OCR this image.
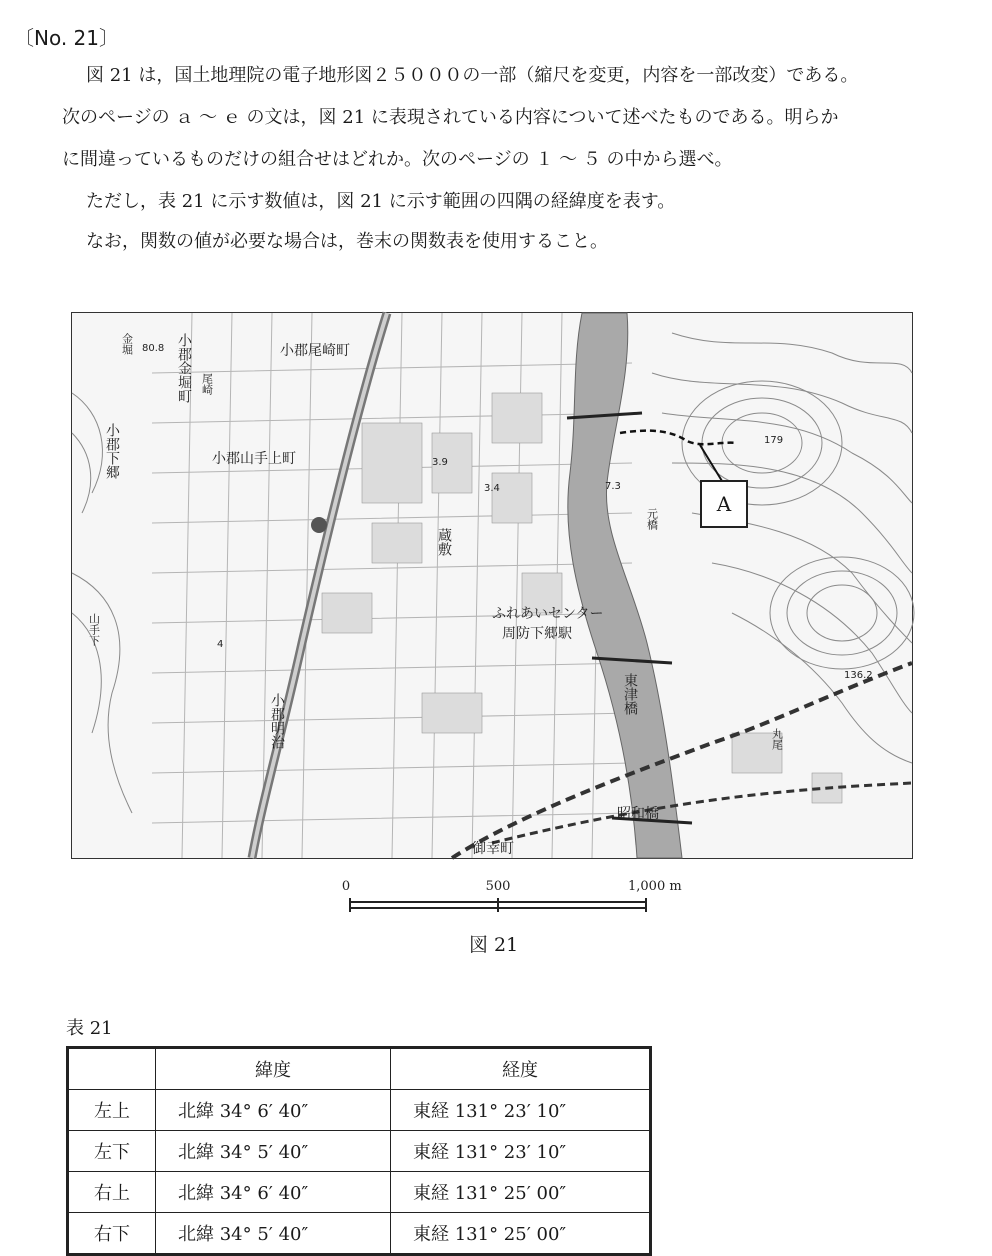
〔No. 21〕
図 21 は，国土地理院の電子地形図２５０００の一部（縮尺を変更，内容を一部改変）である。
次のページの ａ ～ ｅ の文は，図 21 に表現されている内容について述べたものである。明らか
に間違っているものだけの組合せはどれか。次のページの １ ～ ５ の中から選べ。
ただし，表 21 に示す数値は，図 21 に示す範囲の四隅の経緯度を表す。
なお，関数の値が必要な場合は，巻末の関数表を使用すること。
小郡金堀町	小郡尾崎町
小郡下郷	小郡山手上町
小郡明治
ふれあいセンター
周防下郷駅
東津橋
昭和橋
御幸町
蔵敷
元橋
丸尾
山手下
尾崎
金堀 80.8
3.9
3.4	7.3
179
136.2
4
A
0	500	1,000 m
図 21
表 21
	緯度	経度
左上	北緯 34° 6′ 40″	東経 131° 23′ 10″
左下	北緯 34° 5′ 40″	東経 131° 23′ 10″
右上	北緯 34° 6′ 40″	東経 131° 25′ 00″
右下	北緯 34° 5′ 40″	東経 131° 25′ 00″
